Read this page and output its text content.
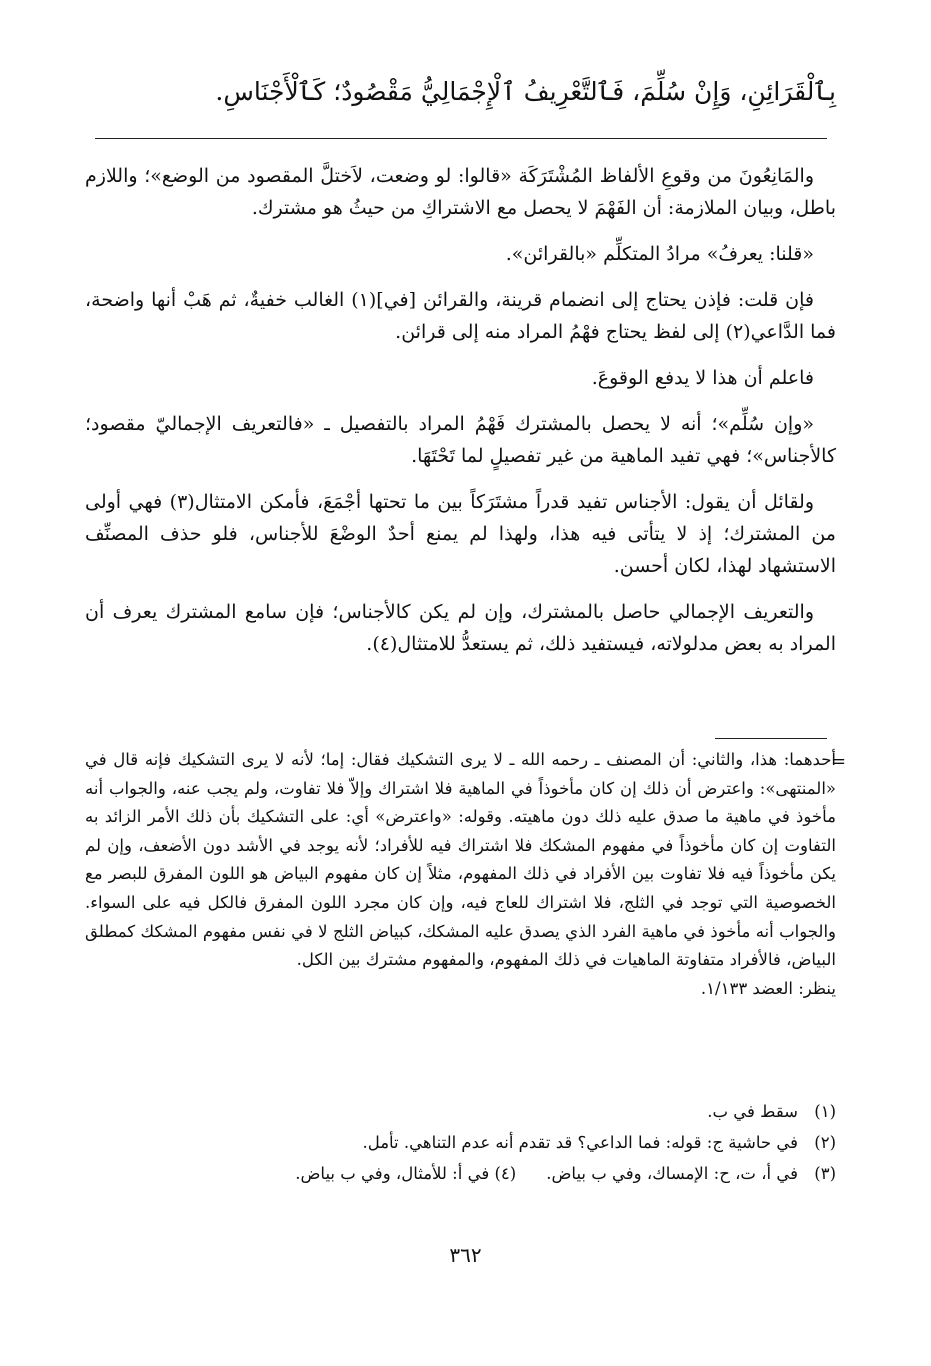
بِٱلْقَرَائِنِ، وَإِنْ سُلِّمَ، فَٱلتَّعْرِيفُ ٱلْإِجْمَالِيُّ مَقْصُودٌ؛ كَٱلْأَجْنَاسِ.

والمَانِعُونَ من وقوعِ الألفاظ المُشْتَرَكَة «قالوا: لو وضعت، لاَختلَّ المقصود من الوضع»؛ واللازم باطل، وبيان الملازمة: أن الفَهْمَ لا يحصل مع الاشتراكِ من حيثُ هو مشترك.

«قلنا: يعرفُ» مرادُ المتكلِّم «بالقرائن».

فإن قلت: فإذن يحتاج إلى انضمام قرينة، والقرائن [في](١) الغالب خفيةٌ، ثم هَبْ أنها واضحة، فما الدَّاعي(٢) إلى لفظ يحتاج فهْمُ المراد منه إلى قرائن.

فاعلم أن هذا لا يدفع الوقوعَ.

«وإن سُلِّم»؛ أنه لا يحصل بالمشترك فَهْمُ المراد بالتفصيل ـ «فالتعريف الإجماليّ مقصود؛ كالأجناس»؛ فهي تفيد الماهية من غير تفصيلٍ لما تَحْتَهَا.

ولقائل أن يقول: الأجناس تفيد قدراً مشتَرَكاً بين ما تحتها أجْمَعَ، فأمكن الامتثال(٣) فهي أولى من المشترك؛ إذ لا يتأتى فيه هذا، ولهذا لم يمنع أحدٌ الوضْعَ للأجناس، فلو حذف المصنِّف الاستشهاد لهذا، لكان أحسن.

والتعريف الإجمالي حاصل بالمشترك، وإن لم يكن كالأجناس؛ فإن سامع المشترك يعرف أن المراد به بعض مدلولاته، فيستفيد ذلك، ثم يستعدُّ للامتثال(٤).

=

أحدهما: هذا، والثاني: أن المصنف ـ رحمه الله ـ لا يرى التشكيك فقال: إما؛ لأنه لا يرى التشكيك فإنه قال في «المنتهى»: واعترض أن ذلك إن كان مأخوذاً في الماهية فلا اشتراك وإلاّ فلا تفاوت، ولم يجب عنه، والجواب أنه مأخوذ في ماهية ما صدق عليه ذلك دون ماهيته. وقوله: «واعترض» أي: على التشكيك بأن ذلك الأمر الزائد به التفاوت إن كان مأخوذاً في مفهوم المشكك فلا اشتراك فيه للأفراد؛ لأنه يوجد في الأشد دون الأضعف، وإن لم يكن مأخوذاً فيه فلا تفاوت بين الأفراد في ذلك المفهوم، مثلاً إن كان مفهوم البياض هو اللون المفرق للبصر مع الخصوصية التي توجد في الثلج، فلا اشتراك للعاج فيه، وإن كان مجرد اللون المفرق فالكل فيه على السواء. والجواب أنه مأخوذ في ماهية الفرد الذي يصدق عليه المشكك، كبياض الثلج لا في نفس مفهوم المشكك كمطلق البياض، فالأفراد متفاوتة الماهيات في ذلك المفهوم، والمفهوم مشترك بين الكل.

ينظر: العضد ١/١٣٣.

(١)
سقط في ب.
(٢)
في حاشية ج: قوله: فما الداعي؟ قد تقدم أنه عدم التناهي. تأمل.
(٣)
في أ، ت، ح: الإمساك، وفي ب بياض.
(٤)

في أ: للأمثال، وفي ب بياض.
٣٦٢
